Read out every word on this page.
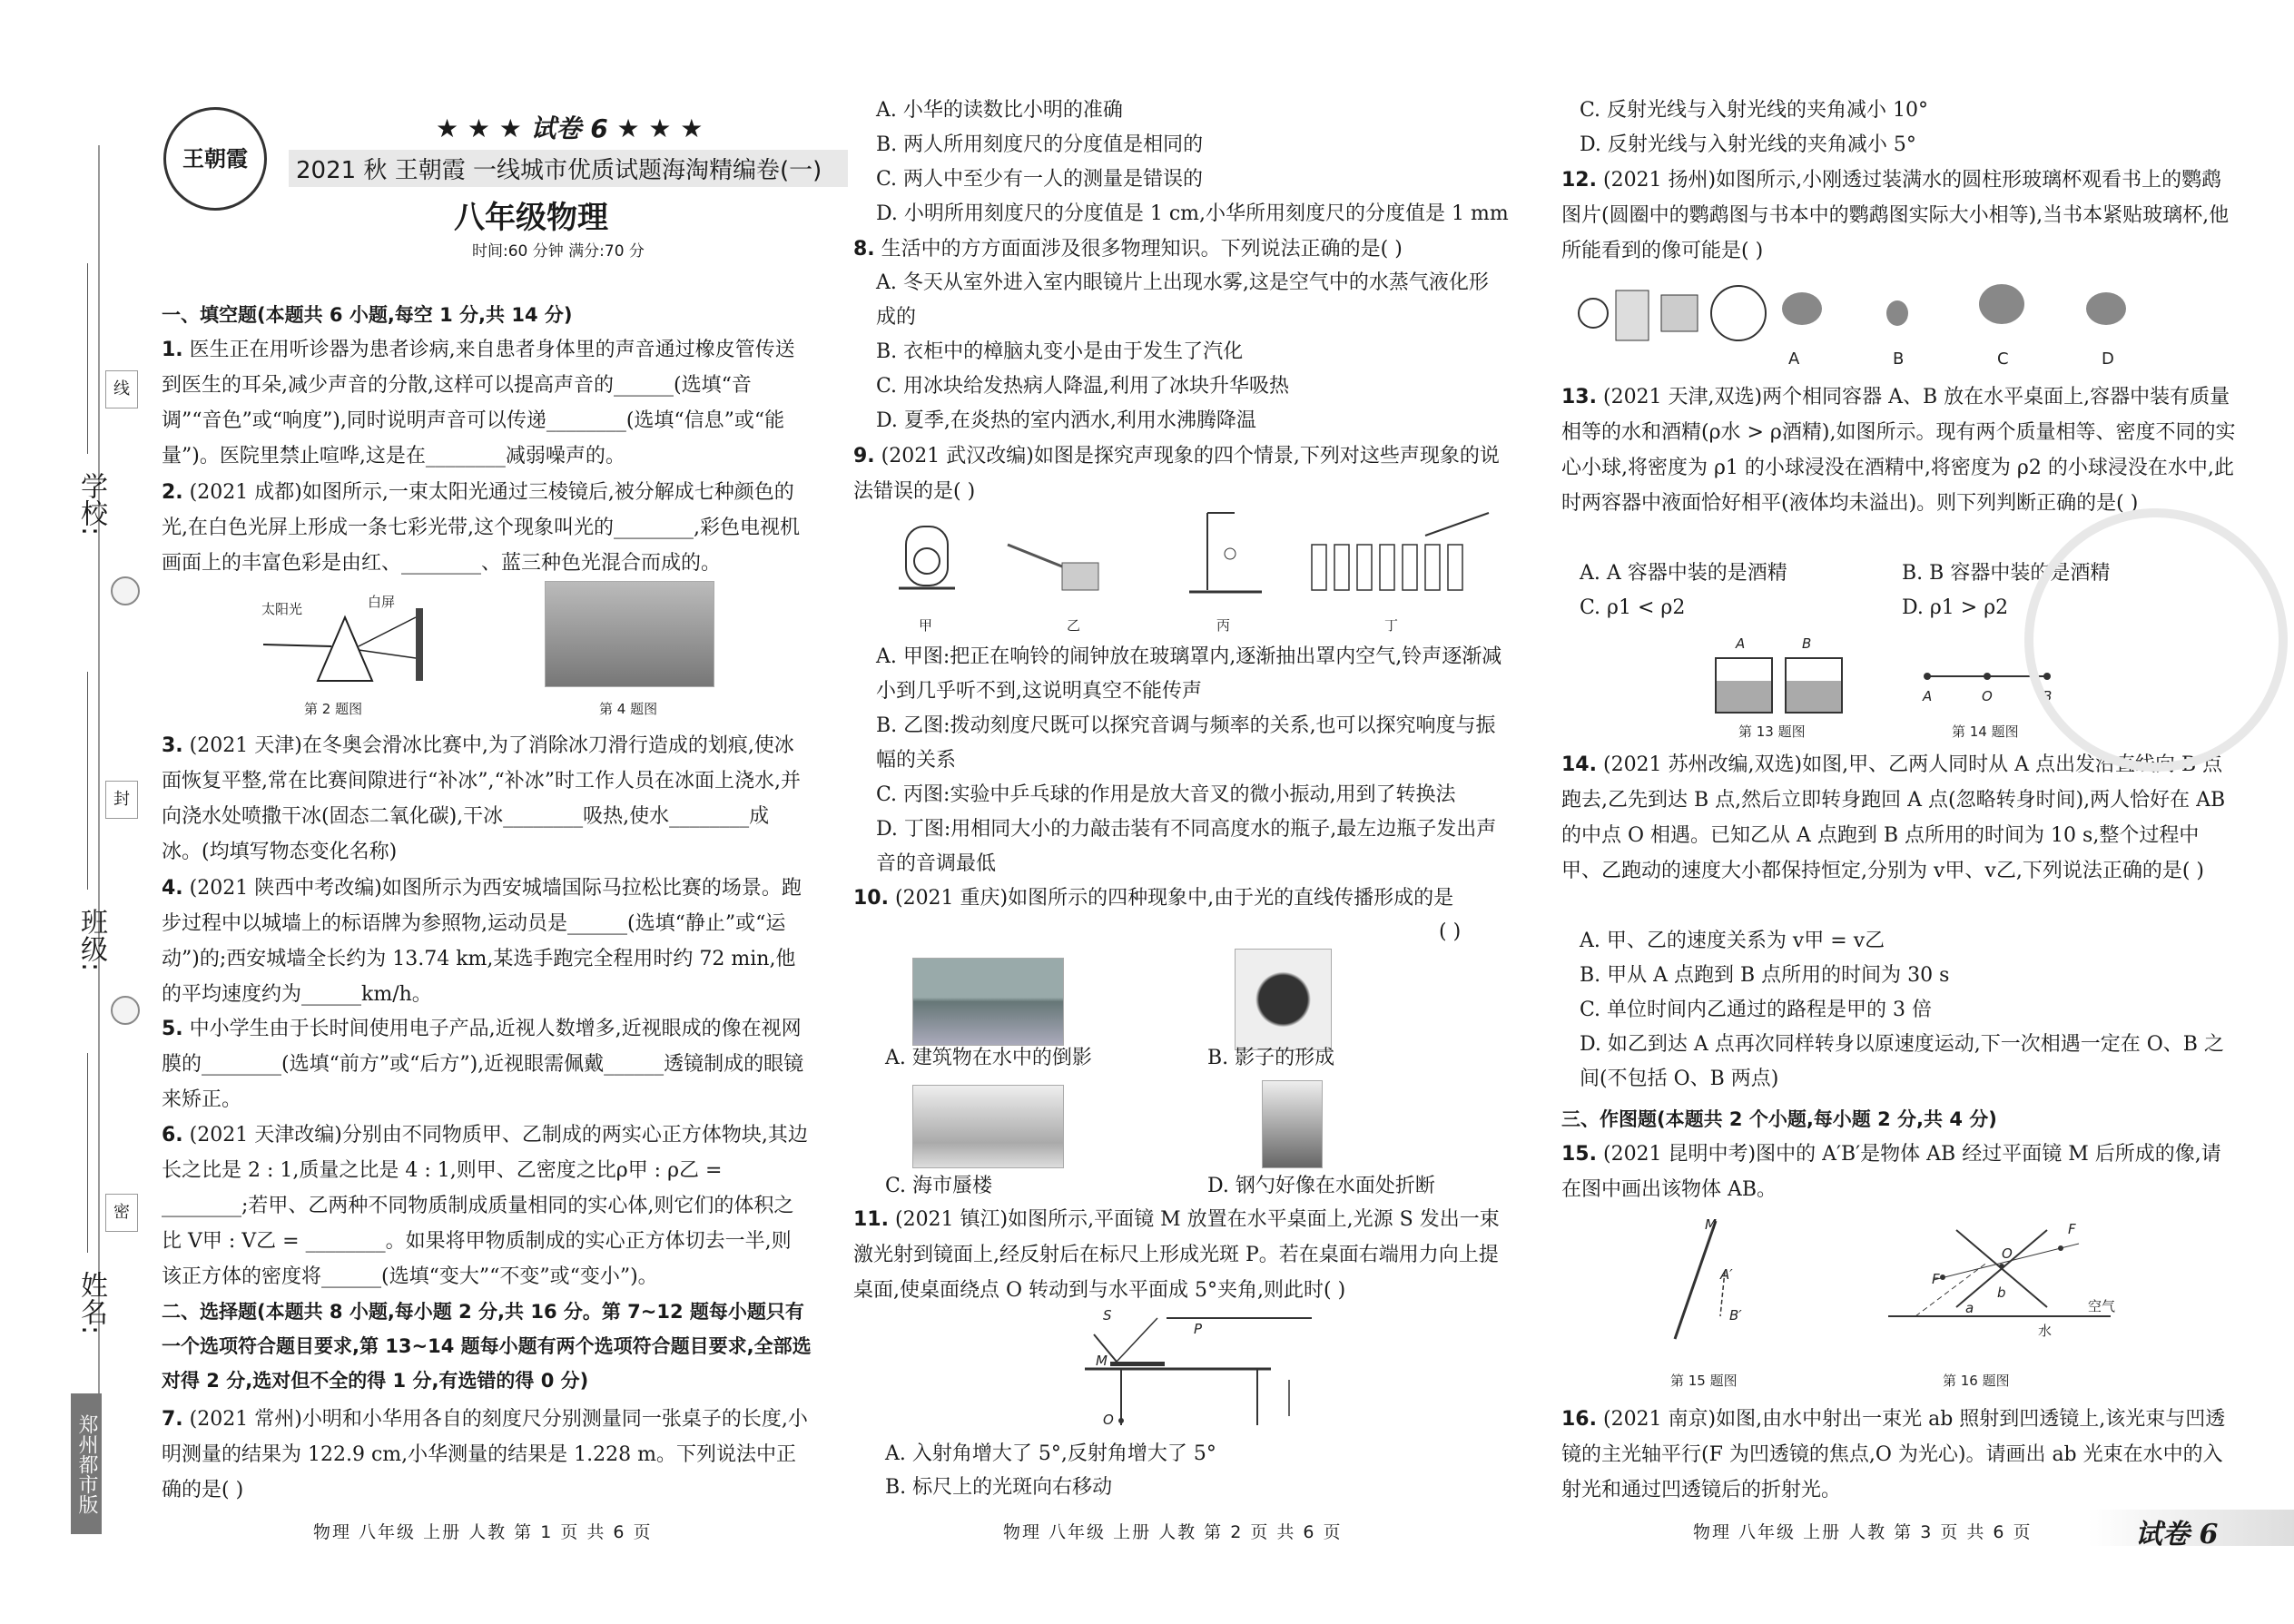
学校:
班级:
姓名:
线
封
密
郑州都市版
王朝霞
★ ★ ★ 试卷 6 ★ ★ ★
2021 秋 王朝霞 一线城市优质试题海淘精编卷(一)
八年级物理
时间:60 分钟 满分:70 分
一、填空题(本题共 6 小题,每空 1 分,共 14 分)
1. 医生正在用听诊器为患者诊病,来自患者身体里的声音通过橡皮管传送到医生的耳朵,减少声音的分散,这样可以提高声音的______(选填“音调”“音色”或“响度”),同时说明声音可以传递________(选填“信息”或“能量”)。医院里禁止喧哗,这是在________减弱噪声的。
2. (2021 成都)如图所示,一束太阳光通过三棱镜后,被分解成七种颜色的光,在白色光屏上形成一条七彩光带,这个现象叫光的________,彩色电视机画面上的丰富色彩是由红、________、蓝三种色光混合而成的。
太阳光	白屏
第 2 题图	第 4 题图
3. (2021 天津)在冬奥会滑冰比赛中,为了消除冰刀滑行造成的划痕,使冰面恢复平整,常在比赛间隙进行“补冰”,“补冰”时工作人员在冰面上浇水,并向浇水处喷撒干冰(固态二氧化碳),干冰________吸热,使水________成冰。(均填写物态变化名称)
4. (2021 陕西中考改编)如图所示为西安城墙国际马拉松比赛的场景。跑步过程中以城墙上的标语牌为参照物,运动员是______(选填“静止”或“运动”)的;西安城墙全长约为 13.74 km,某选手跑完全程用时约 72 min,他的平均速度约为______km/h。
5. 中小学生由于长时间使用电子产品,近视人数增多,近视眼成的像在视网膜的________(选填“前方”或“后方”),近视眼需佩戴______透镜制成的眼镜来矫正。
6. (2021 天津改编)分别由不同物质甲、乙制成的两实心正方体物块,其边长之比是 2 : 1,质量之比是 4 : 1,则甲、乙密度之比ρ甲 : ρ乙 = ________;若甲、乙两种不同物质制成质量相同的实心体,则它们的体积之比 V甲 : V乙 = ________。如果将甲物质制成的实心正方体切去一半,则该正方体的密度将______(选填“变大”“不变”或“变小”)。
二、选择题(本题共 8 小题,每小题 2 分,共 16 分。第 7~12 题每小题只有一个选项符合题目要求,第 13~14 题每小题有两个选项符合题目要求,全部选对得 2 分,选对但不全的得 1 分,有选错的得 0 分)
7. (2021 常州)小明和小华用各自的刻度尺分别测量同一张桌子的长度,小明测量的结果为 122.9 cm,小华测量的结果是 1.228 m。下列说法中正确的是( )
物理 八年级 上册 人教 第 1 页 共 6 页
A. 小华的读数比小明的准确
B. 两人所用刻度尺的分度值是相同的
C. 两人中至少有一人的测量是错误的
D. 小明所用刻度尺的分度值是 1 cm,小华所用刻度尺的分度值是 1 mm
8. 生活中的方方面面涉及很多物理知识。下列说法正确的是( )
A. 冬天从室外进入室内眼镜片上出现水雾,这是空气中的水蒸气液化形成的
B. 衣柜中的樟脑丸变小是由于发生了汽化
C. 用冰块给发热病人降温,利用了冰块升华吸热
D. 夏季,在炎热的室内洒水,利用水沸腾降温
9. (2021 武汉改编)如图是探究声现象的四个情景,下列对这些声现象的说法错误的是( )
甲	乙	丙	丁
A. 甲图:把正在响铃的闹钟放在玻璃罩内,逐渐抽出罩内空气,铃声逐渐减小到几乎听不到,这说明真空不能传声
B. 乙图:拨动刻度尺既可以探究音调与频率的关系,也可以探究响度与振幅的关系
C. 丙图:实验中乒乓球的作用是放大音叉的微小振动,用到了转换法
D. 丁图:用相同大小的力敲击装有不同高度水的瓶子,最左边瓶子发出声音的音调最低
10. (2021 重庆)如图所示的四种现象中,由于光的直线传播形成的是
( )
A. 建筑物在水中的倒影	B. 影子的形成
C. 海市蜃楼	D. 钢勺好像在水面处折断
11. (2021 镇江)如图所示,平面镜 M 放置在水平桌面上,光源 S 发出一束激光射到镜面上,经反射后在标尺上形成光斑 P。若在桌面右端用力向上提桌面,使桌面绕点 O 转动到与水平面成 5°夹角,则此时( )
S
P
M
O
A. 入射角增大了 5°,反射角增大了 5°
B. 标尺上的光斑向右移动
物理 八年级 上册 人教 第 2 页 共 6 页
C. 反射光线与入射光线的夹角减小 10°
D. 反射光线与入射光线的夹角减小 5°
12. (2021 扬州)如图所示,小刚透过装满水的圆柱形玻璃杯观看书上的鹦鹉图片(圆圈中的鹦鹉图与书本中的鹦鹉图实际大小相等),当书本紧贴玻璃杯,他所能看到的像可能是( )
A	B	C	D
13. (2021 天津,双选)两个相同容器 A、B 放在水平桌面上,容器中装有质量相等的水和酒精(ρ水 > ρ酒精),如图所示。现有两个质量相等、密度不同的实心小球,将密度为 ρ1 的小球浸没在酒精中,将密度为 ρ2 的小球浸没在水中,此时两容器中液面恰好相平(液体均未溢出)。则下列判断正确的是( )
A. A 容器中装的是酒精	B. B 容器中装的是酒精
C. ρ1 < ρ2	D. ρ1 > ρ2
A	B
第 13 题图
A	O	B
第 14 题图
14. (2021 苏州改编,双选)如图,甲、乙两人同时从 A 点出发沿直线向 B 点跑去,乙先到达 B 点,然后立即转身跑回 A 点(忽略转身时间),两人恰好在 AB 的中点 O 相遇。已知乙从 A 点跑到 B 点所用的时间为 10 s,整个过程中甲、乙跑动的速度大小都保持恒定,分别为 v甲、v乙,下列说法正确的是( )
A. 甲、乙的速度关系为 v甲 = v乙
B. 甲从 A 点跑到 B 点所用的时间为 30 s
C. 单位时间内乙通过的路程是甲的 3 倍
D. 如乙到达 A 点再次同样转身以原速度运动,下一次相遇一定在 O、B 之间(不包括 O、B 两点)
三、作图题(本题共 2 个小题,每小题 2 分,共 4 分)
15. (2021 昆明中考)图中的 A′B′是物体 AB 经过平面镜 M 后所成的像,请在图中画出该物体 AB。
M
A′
B′
第 15 题图
F
O
F
b
a	空气
水
第 16 题图
16. (2021 南京)如图,由水中射出一束光 ab 照射到凹透镜上,该光束与凹透镜的主光轴平行(F 为凹透镜的焦点,O 为光心)。请画出 ab 光束在水中的入射光和通过凹透镜后的折射光。
物理 八年级 上册 人教 第 3 页 共 6 页	试卷 6
